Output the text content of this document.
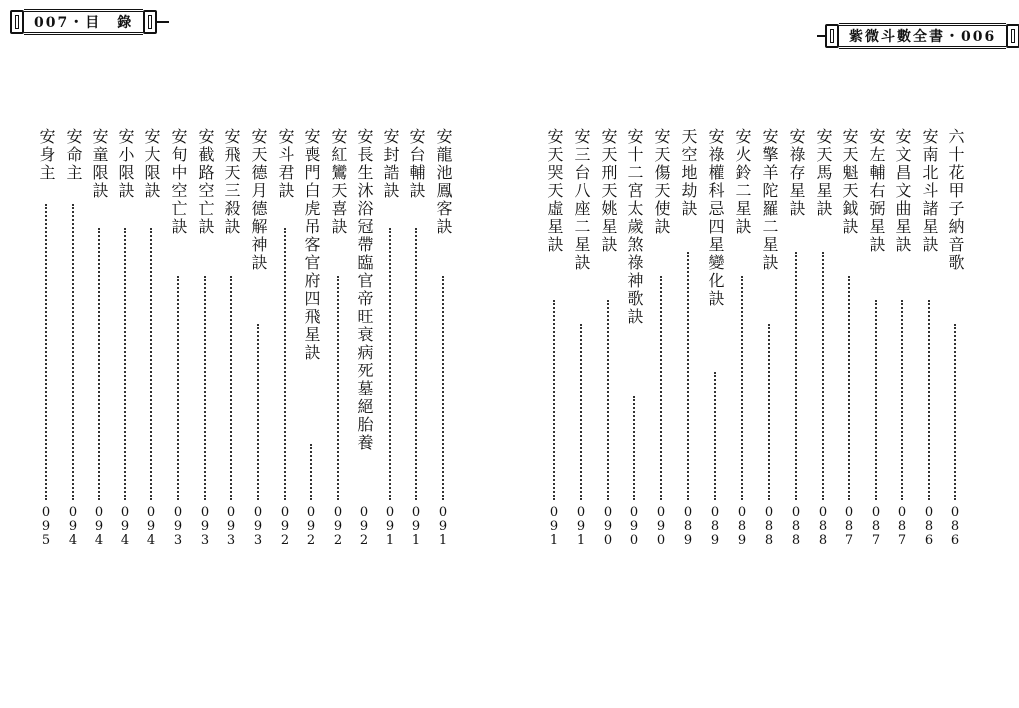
007・目　錄
紫微斗數全書・006
安龍池鳳客訣
0
9
1
安台輔訣
0
9
1
安封誥訣
0
9
1
安長生沐浴冠帶臨官帝旺衰病死墓絕胎養
0
9
2
安紅鸞天喜訣
0
9
2
安喪門白虎吊客官府四飛星訣
0
9
2
安斗君訣
0
9
2
安天德月德解神訣
0
9
3
安飛天三殺訣
0
9
3
安截路空亡訣
0
9
3
安旬中空亡訣
0
9
3
安大限訣
0
9
4
安小限訣
0
9
4
安童限訣
0
9
4
安命主
0
9
4
安身主
0
9
5
六十花甲子納音歌
0
8
6
安南北斗諸星訣
0
8
6
安文昌文曲星訣
0
8
7
安左輔右弼星訣
0
8
7
安天魁天鉞訣
0
8
7
安天馬星訣
0
8
8
安祿存星訣
0
8
8
安擎羊陀羅二星訣
0
8
8
安火鈴二星訣
0
8
9
安祿權科忌四星變化訣
0
8
9
天空地劫訣
0
8
9
安天傷天使訣
0
9
0
安十二宮太歲煞祿神歌訣
0
9
0
安天刑天姚星訣
0
9
0
安三台八座二星訣
0
9
1
安天哭天虛星訣
0
9
1
